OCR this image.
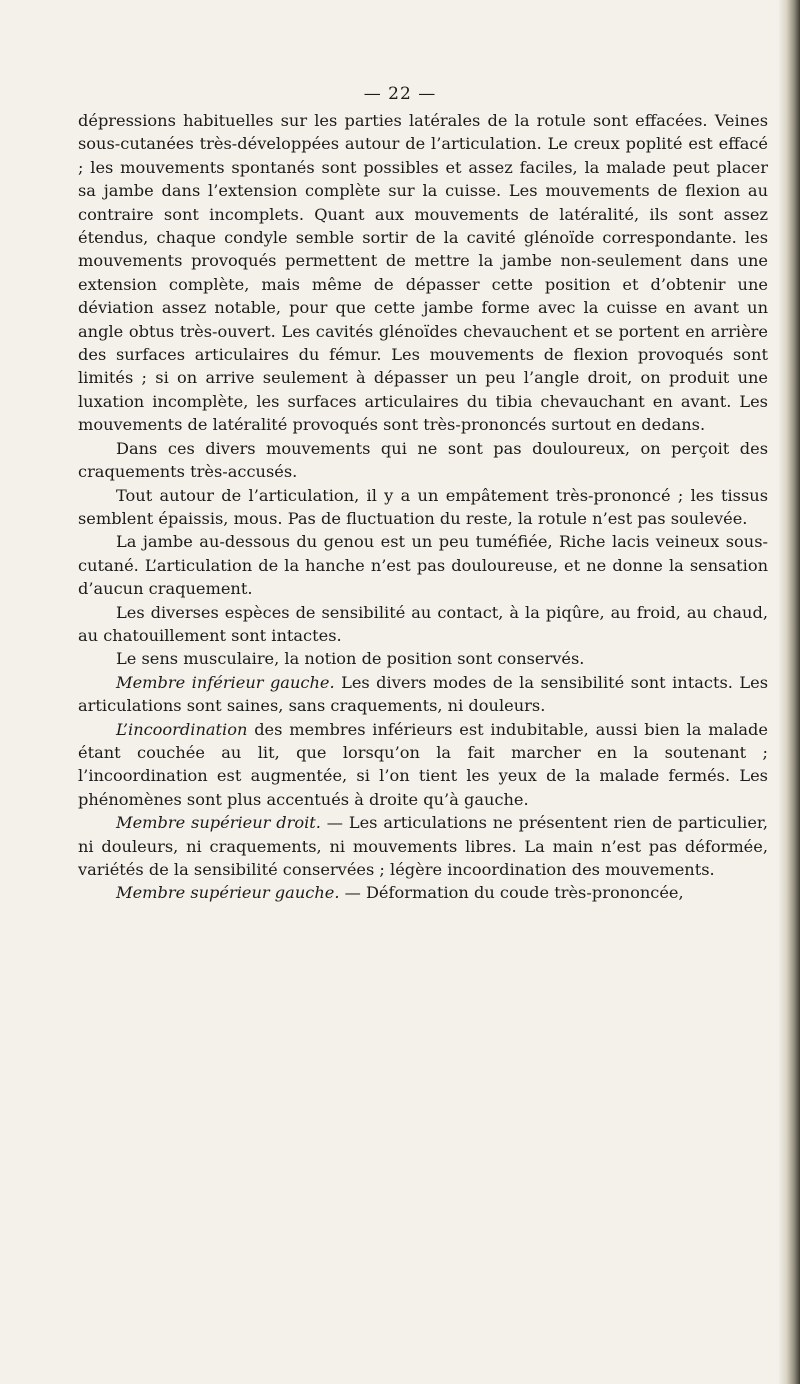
— 22 —

dépressions habituelles sur les parties latérales de la rotule sont effacées. Veines sous-cutanées très-développées autour de l’articulation. Le creux poplité est effacé ; les mouvements spontanés sont possibles et assez faciles, la malade peut placer sa jambe dans l’extension complète sur la cuisse. Les mouvements de flexion au contraire sont incomplets. Quant aux mouvements de latéralité, ils sont assez étendus, chaque condyle semble sortir de la cavité glénoïde correspondante. les mouvements provoqués permettent de mettre la jambe non-seulement dans une extension complète, mais même de dépasser cette position et d’obtenir une déviation assez notable, pour que cette jambe forme avec la cuisse en avant un angle obtus très-ouvert. Les cavités glénoïdes chevauchent et se portent en arrière des surfaces articulaires du fémur. Les mouvements de flexion provoqués sont limités ; si on arrive seulement à dépasser un peu l’angle droit, on produit une luxation incomplète, les surfaces articulaires du tibia chevauchant en avant. Les mouvements de latéralité provoqués sont très-prononcés surtout en dedans.

Dans ces divers mouvements qui ne sont pas douloureux, on perçoit des craquements très-accusés.

Tout autour de l’articulation, il y a un empâtement très-prononcé ; les tissus semblent épaissis, mous. Pas de fluctuation du reste, la rotule n’est pas soulevée.

La jambe au-dessous du genou est un peu tuméfiée, Riche lacis veineux sous-cutané. L’articulation de la hanche n’est pas douloureuse, et ne donne la sensation d’aucun craquement.

Les diverses espèces de sensibilité au contact, à la piqûre, au froid, au chaud, au chatouillement sont intactes.

Le sens musculaire, la notion de position sont conservés.

Membre inférieur gauche. Les divers modes de la sensibilité sont intacts. Les articulations sont saines, sans craquements, ni douleurs.

L’incoordination des membres inférieurs est indubitable, aussi bien la malade étant couchée au lit, que lorsqu’on la fait marcher en la soutenant ; l’incoordination est augmentée, si l’on tient les yeux de la malade fermés. Les phénomènes sont plus accentués à droite qu’à gauche.

Membre supérieur droit. — Les articulations ne présentent rien de particulier, ni douleurs, ni craquements, ni mouvements libres. La main n’est pas déformée, variétés de la sensibilité conservées ; légère incoordination des mouvements.

Membre supérieur gauche. — Déformation du coude très-prononcée,
